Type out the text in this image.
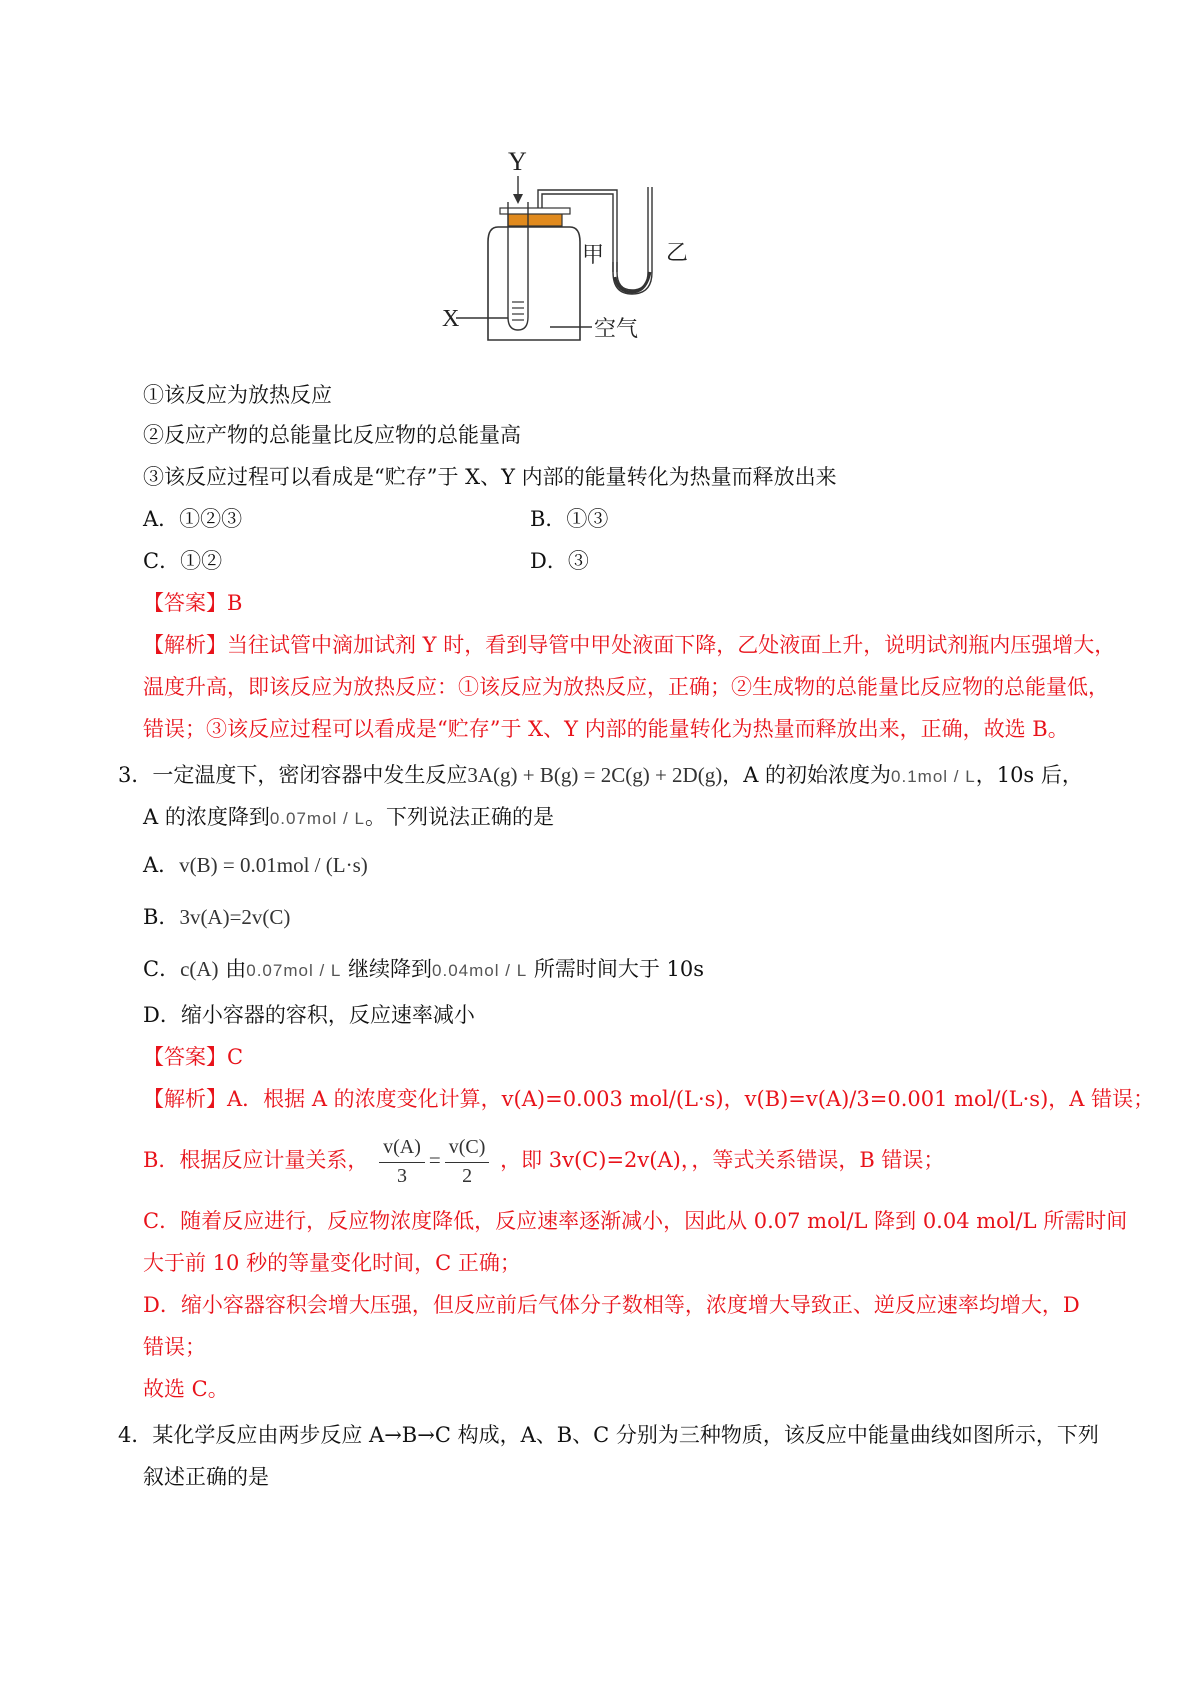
Y
X
甲	乙
空气
①该反应为放热反应
②反应产物的总能量比反应物的总能量高
③该反应过程可以看成是“贮存”于 X、Y 内部的能量转化为热量而释放出来
A．①②③	B．①③
C．①②	D．③
【答案】B
【解析】当往试管中滴加试剂 Y 时，看到导管中甲处液面下降，乙处液面上升，说明试剂瓶内压强增大，
温度升高，即该反应为放热反应：①该反应为放热反应，正确；②生成物的总能量比反应物的总能量低，
错误；③该反应过程可以看成是“贮存”于 X、Y 内部的能量转化为热量而释放出来，正确，故选 B。
3．一定温度下，密闭容器中发生反应3A(g) + B(g) = 2C(g) + 2D(g)，A 的初始浓度为0.1mol / L，10s 后，
A 的浓度降到0.07mol / L。下列说法正确的是
A．v(B) = 0.01mol / (L·s)
B．3v(A)=2v(C)
C．c(A) 由0.07mol / L 继续降到0.04mol / L 所需时间大于 10s
D．缩小容器的容积，反应速率减小
【答案】C
【解析】A．根据 A 的浓度变化计算，v(A)=0.003 mol/(L·s)，v(B)=v(A)/3=0.001 mol/(L·s)，A 错误；
B．根据反应计量关系， $\frac{v(A)}{3} = \frac{v(C)}{2}$ ，即 3v(C)=2v(A)，，等式关系错误，B 错误；
C．随着反应进行，反应物浓度降低，反应速率逐渐减小，因此从 0.07 mol/L 降到 0.04 mol/L 所需时间
大于前 10 秒的等量变化时间，C 正确；
D．缩小容器容积会增大压强，但反应前后气体分子数相等，浓度增大导致正、逆反应速率均增大，D
错误；
故选 C。
4．某化学反应由两步反应 A→B→C 构成，A、B、C 分别为三种物质，该反应中能量曲线如图所示，下列
叙述正确的是
